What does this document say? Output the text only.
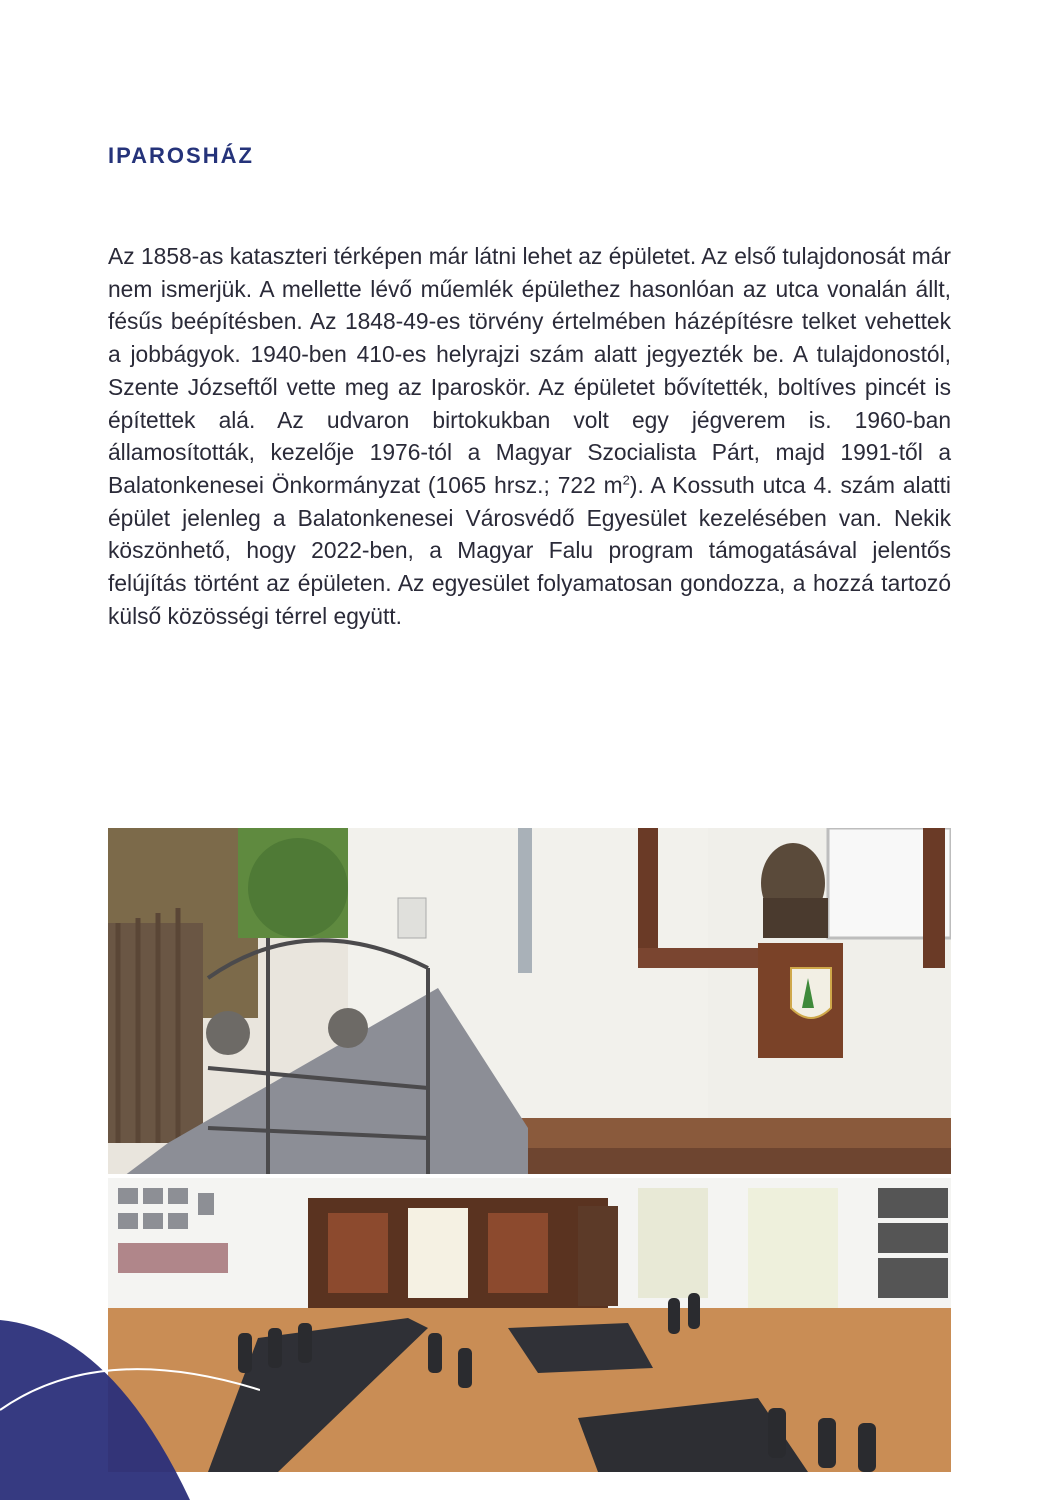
IPAROSHÁZ

Az 1858-as kataszteri térképen már látni lehet az épületet. Az első tulajdonosát már nem ismerjük. A mellette lévő műemlék épülethez hasonlóan az utca vonalán állt, fésűs beépítésben. Az 1848-49-es törvény értelmében házépítésre telket vehettek a jobbágyok. 1940-ben 410-es helyrajzi szám alatt jegyezték be. A tulajdonostól, Szente Józseftől vette meg az Iparoskör. Az épületet bővítették, boltíves pincét is építettek alá. Az udvaron birtokukban volt egy jégverem is. 1960-ban államosították, kezelője 1976-tól a Magyar Szocialista Párt, majd 1991-től a Balatonkenesei Önkormányzat (1065 hrsz.; 722 $m^2$). A Kossuth utca 4. szám alatti épület jelenleg a Balatonkenesei Városvédő Egyesület kezelésében van. Nekik köszönhető, hogy 2022-ben, a Magyar Falu program támogatásával jelentős felújítás történt az épületen. Az egyesület folyamatosan gondozza, a hozzá tartozó külső közösségi térrel együtt.
